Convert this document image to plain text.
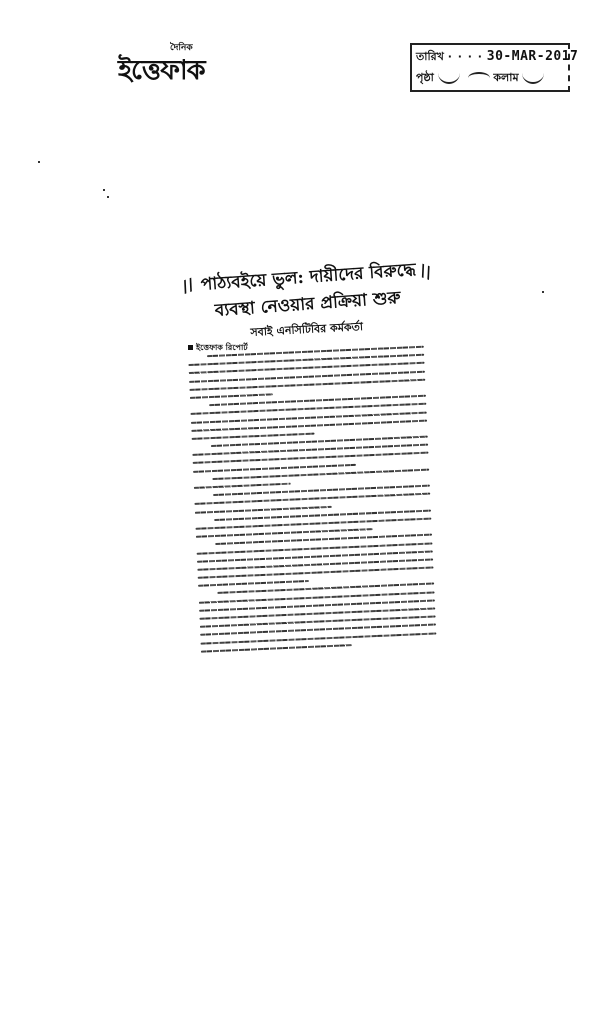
দৈনিক
ইত্তেফাক	তারিখ · · · · 30-MAR-2017
পৃষ্ঠা	কলাম
//
\\
পাঠ্যবইয়ে ভুল: দায়ীদের বিরুদ্ধে
ব্যবস্থা নেওয়ার প্রক্রিয়া শুরু
সবাই এনসিটিবির কর্মকর্তা
ইত্তেফাক রিপোর্ট
